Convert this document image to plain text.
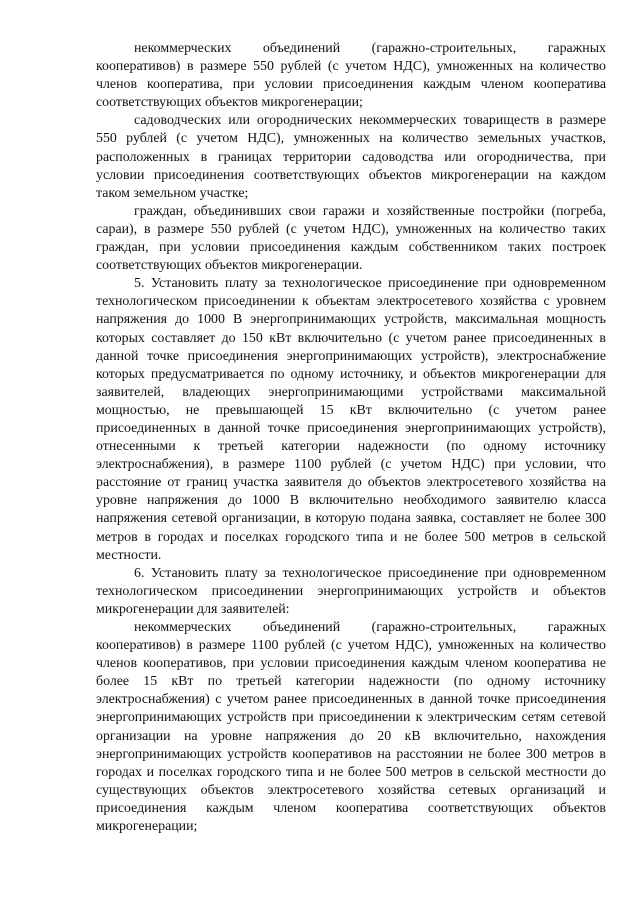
некоммерческих объединений (гаражно-строительных, гаражных кооперативов) в размере 550 рублей (с учетом НДС), умноженных на количество членов кооператива, при условии присоединения каждым членом кооператива соответствующих объектов микрогенерации;

садоводческих или огороднических некоммерческих товариществ в размере 550 рублей (с учетом НДС), умноженных на количество земельных участков, расположенных в границах территории садоводства или огородничества, при условии присоединения соответствующих объектов микрогенерации на каждом таком земельном участке;

граждан, объединивших свои гаражи и хозяйственные постройки (погреба, сараи), в размере 550 рублей (с учетом НДС), умноженных на количество таких граждан, при условии присоединения каждым собственником таких построек соответствующих объектов микрогенерации.

5. Установить плату за технологическое присоединение при одновременном технологическом присоединении к объектам электросетевого хозяйства с уровнем напряжения до 1000 В энергопринимающих устройств, максимальная мощность которых составляет до 150 кВт включительно (с учетом ранее присоединенных в данной точке присоединения энергопринимающих устройств), электроснабжение которых предусматривается по одному источнику, и объектов микрогенерации для заявителей, владеющих энергопринимающими устройствами максимальной мощностью, не превышающей 15 кВт включительно (с учетом ранее присоединенных в данной точке присоединения энергопринимающих устройств), отнесенными к третьей категории надежности (по одному источнику электроснабжения), в размере 1100 рублей (с учетом НДС) при условии, что расстояние от границ участка заявителя до объектов электросетевого хозяйства на уровне напряжения до 1000 В включительно необходимого заявителю класса напряжения сетевой организации, в которую подана заявка, составляет не более 300 метров в городах и поселках городского типа и не более 500 метров в сельской местности.

6. Установить плату за технологическое присоединение при одновременном технологическом присоединении энергопринимающих устройств и объектов микрогенерации для заявителей:

некоммерческих объединений (гаражно-строительных, гаражных кооперативов) в размере 1100 рублей (с учетом НДС), умноженных на количество членов кооперативов, при условии присоединения каждым членом кооператива не более 15 кВт по третьей категории надежности (по одному источнику электроснабжения) с учетом ранее присоединенных в данной точке присоединения энергопринимающих устройств при присоединении к электрическим сетям сетевой организации на уровне напряжения до 20 кВ включительно, нахождения энергопринимающих устройств кооперативов на расстоянии не более 300 метров в городах и поселках городского типа и не более 500 метров в сельской местности до существующих объектов электросетевого хозяйства сетевых организаций и присоединения каждым членом кооператива соответствующих объектов микрогенерации;
